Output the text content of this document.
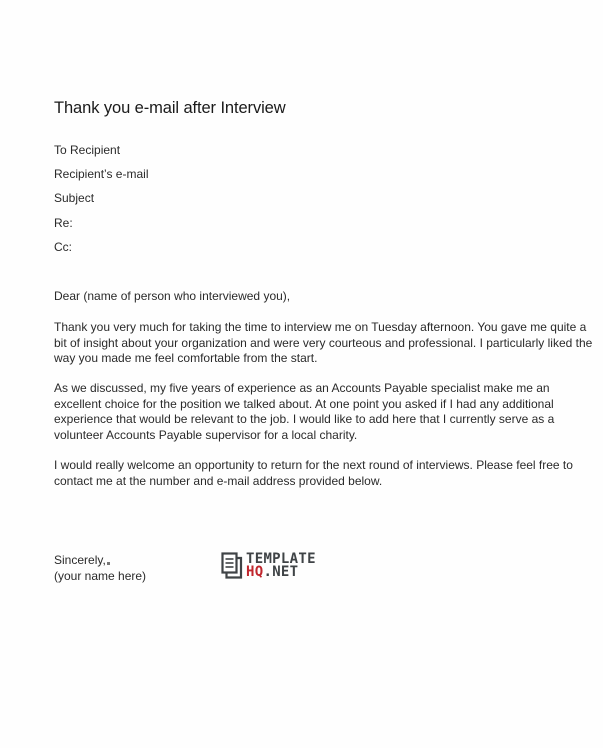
Thank you e-mail after Interview
To Recipient
Recipient’s e-mail
Subject
Re:
Cc:
Dear (name of person who interviewed you),
Thank you very much for taking the time to interview me on Tuesday afternoon. You gave me quite a bit of insight about your organization and were very courteous and professional. I particularly liked the way you made me feel comfortable from the start.
As we discussed, my five years of experience as an Accounts Payable specialist make me an excellent choice for the position we talked about. At one point you asked if I had any additional experience that would be relevant to the job. I would like to add here that I currently serve as a volunteer Accounts Payable supervisor for a local charity.
I would really welcome an opportunity to return for the next round of interviews. Please feel free to contact me at the number and e-mail address provided below.
Sincerely,
(your name here)
TEMPLATE
HQ.NET
